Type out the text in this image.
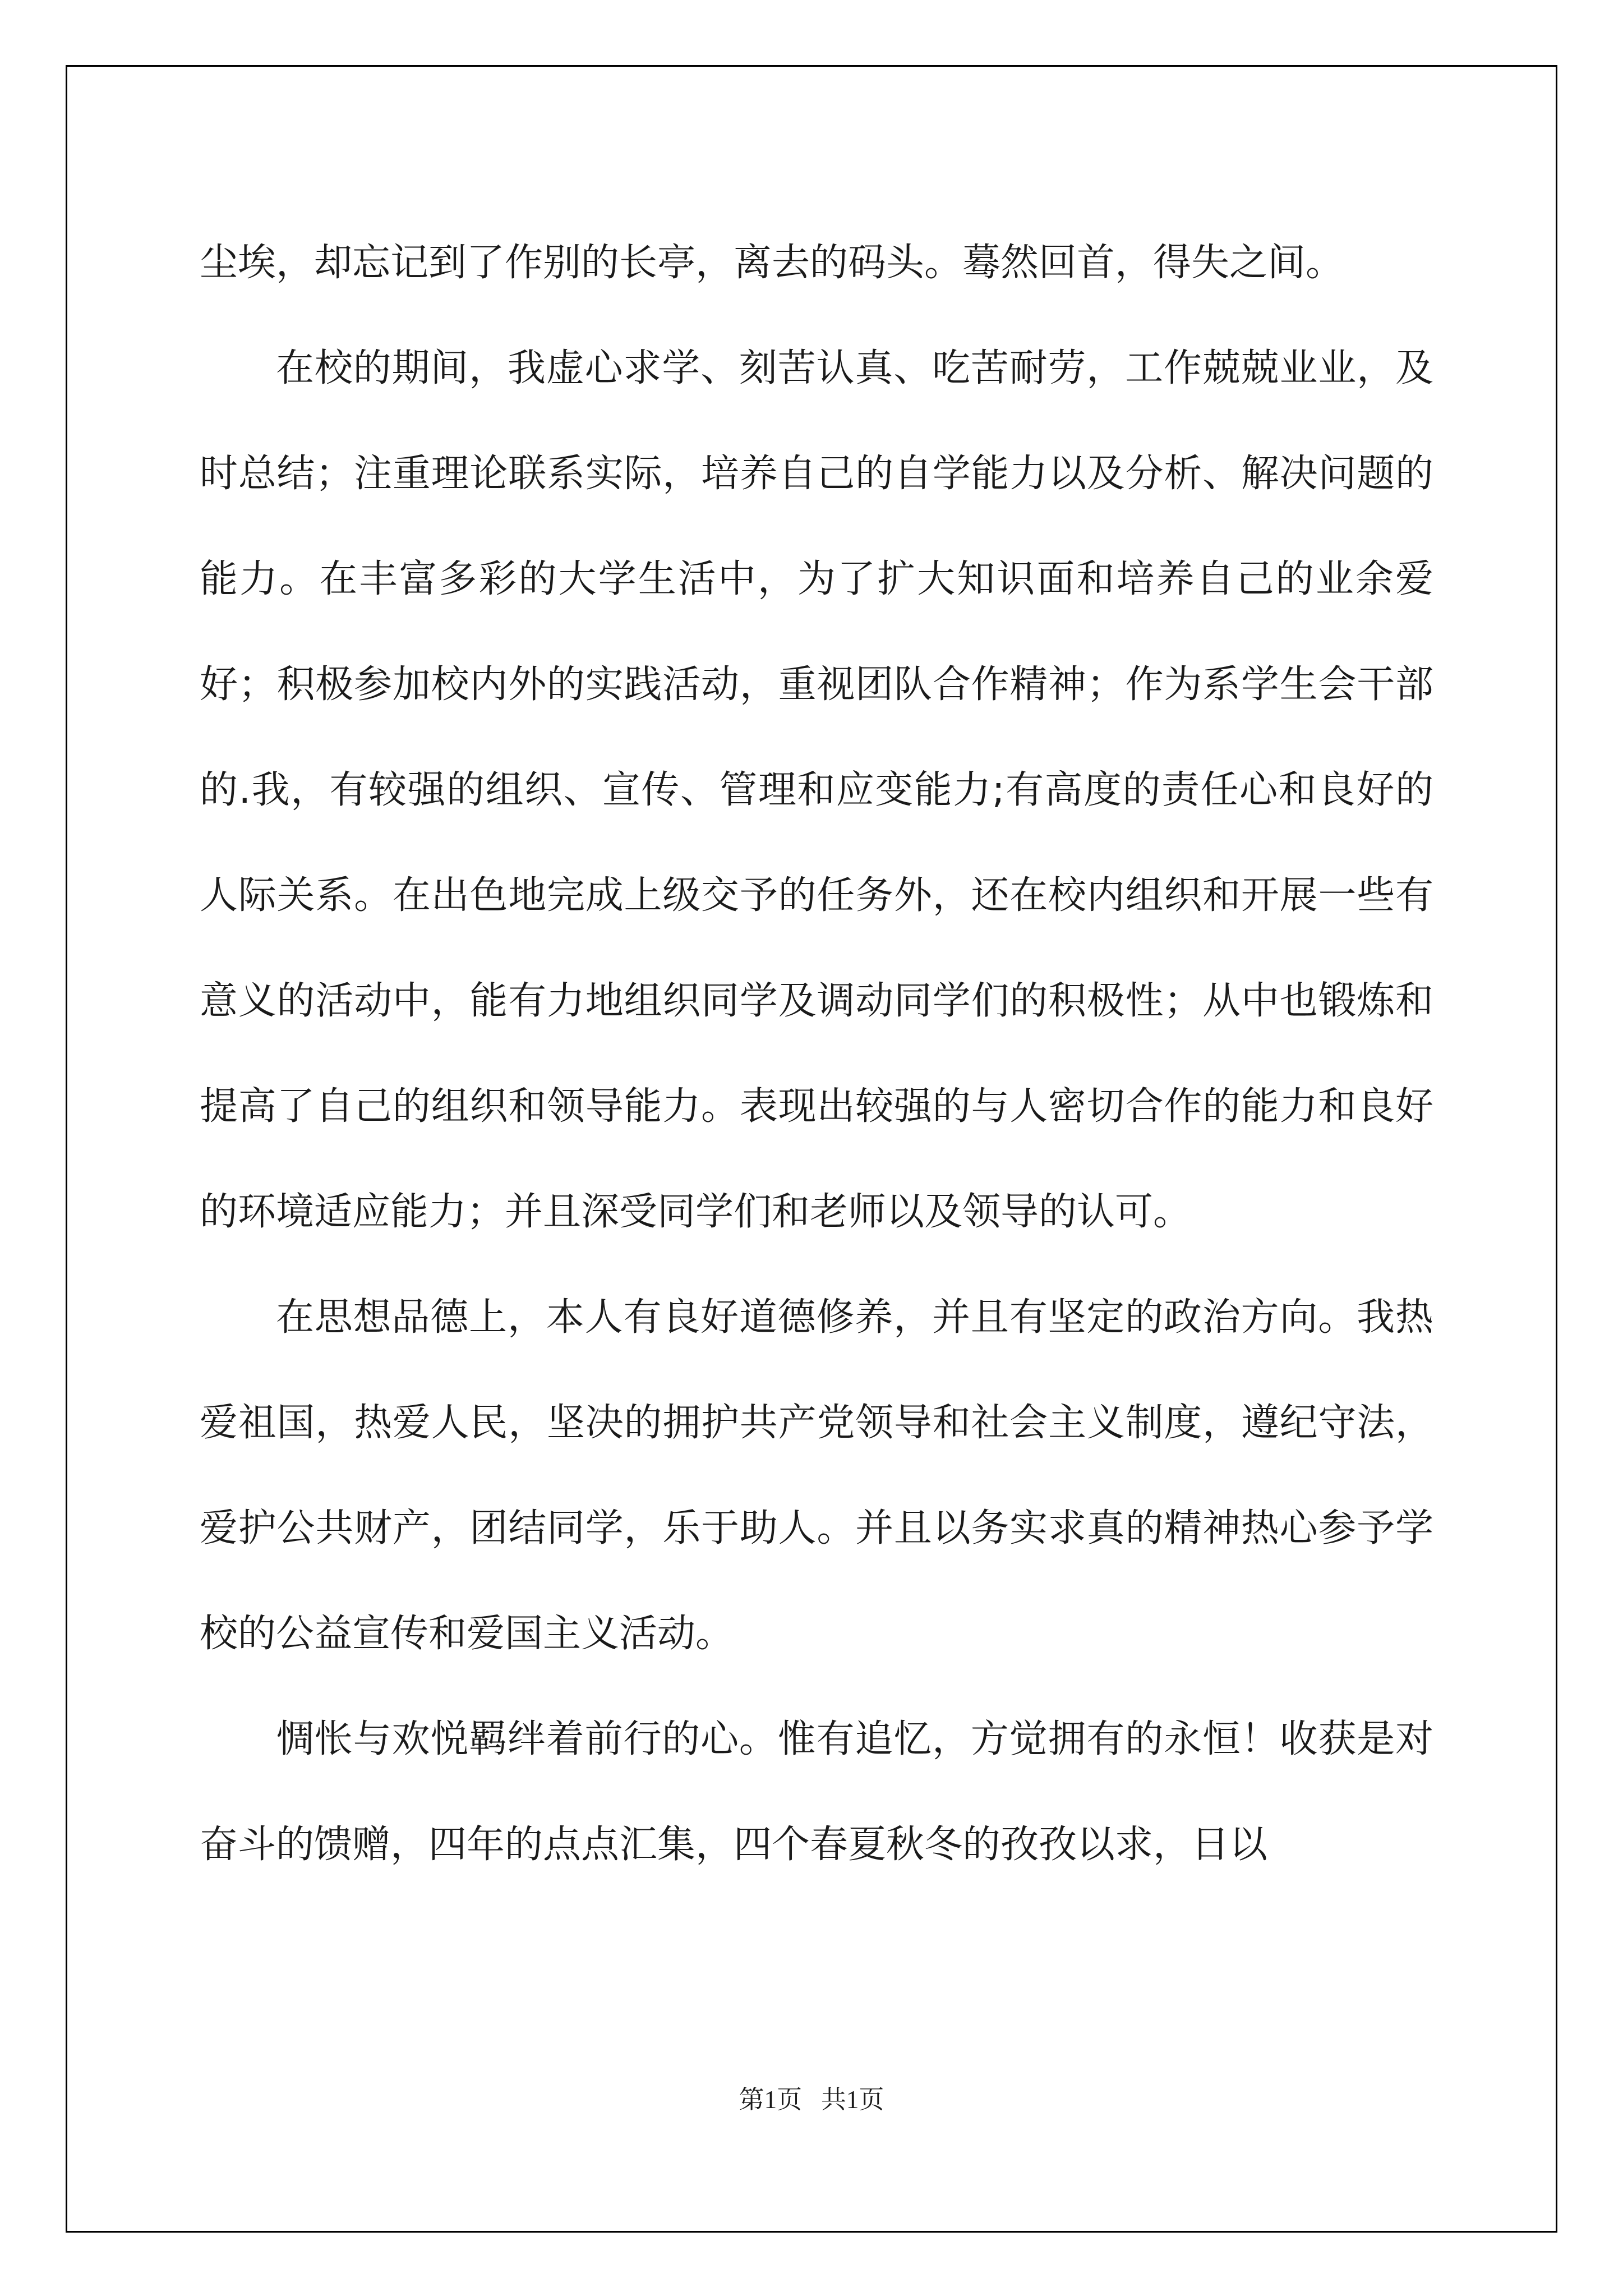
尘埃，却忘记到了作别的长亭，离去的码头。蓦然回首，得失之间。

在校的期间，我虚心求学、刻苦认真、吃苦耐劳，工作兢兢业业，及时总结；注重理论联系实际，培养自己的自学能力以及分析、解决问题的能力。在丰富多彩的大学生活中，为了扩大知识面和培养自己的业余爱好；积极参加校内外的实践活动，重视团队合作精神；作为系学生会干部的.我，有较强的组织、宣传、管理和应变能力;有高度的责任心和良好的人际关系。在出色地完成上级交予的任务外，还在校内组织和开展一些有意义的活动中，能有力地组织同学及调动同学们的积极性；从中也锻炼和提高了自己的组织和领导能力。表现出较强的与人密切合作的能力和良好的环境适应能力；并且深受同学们和老师以及领导的认可。

在思想品德上，本人有良好道德修养，并且有坚定的政治方向。我热爱祖国，热爱人民，坚决的拥护共产党领导和社会主义制度，遵纪守法，爱护公共财产，团结同学，乐于助人。并且以务实求真的精神热心参予学校的公益宣传和爱国主义活动。

惆怅与欢悦羁绊着前行的心。惟有追忆，方觉拥有的永恒！收获是对奋斗的馈赠，四年的点点汇集，四个春夏秋冬的孜孜以求，日以

第1页   共1页
